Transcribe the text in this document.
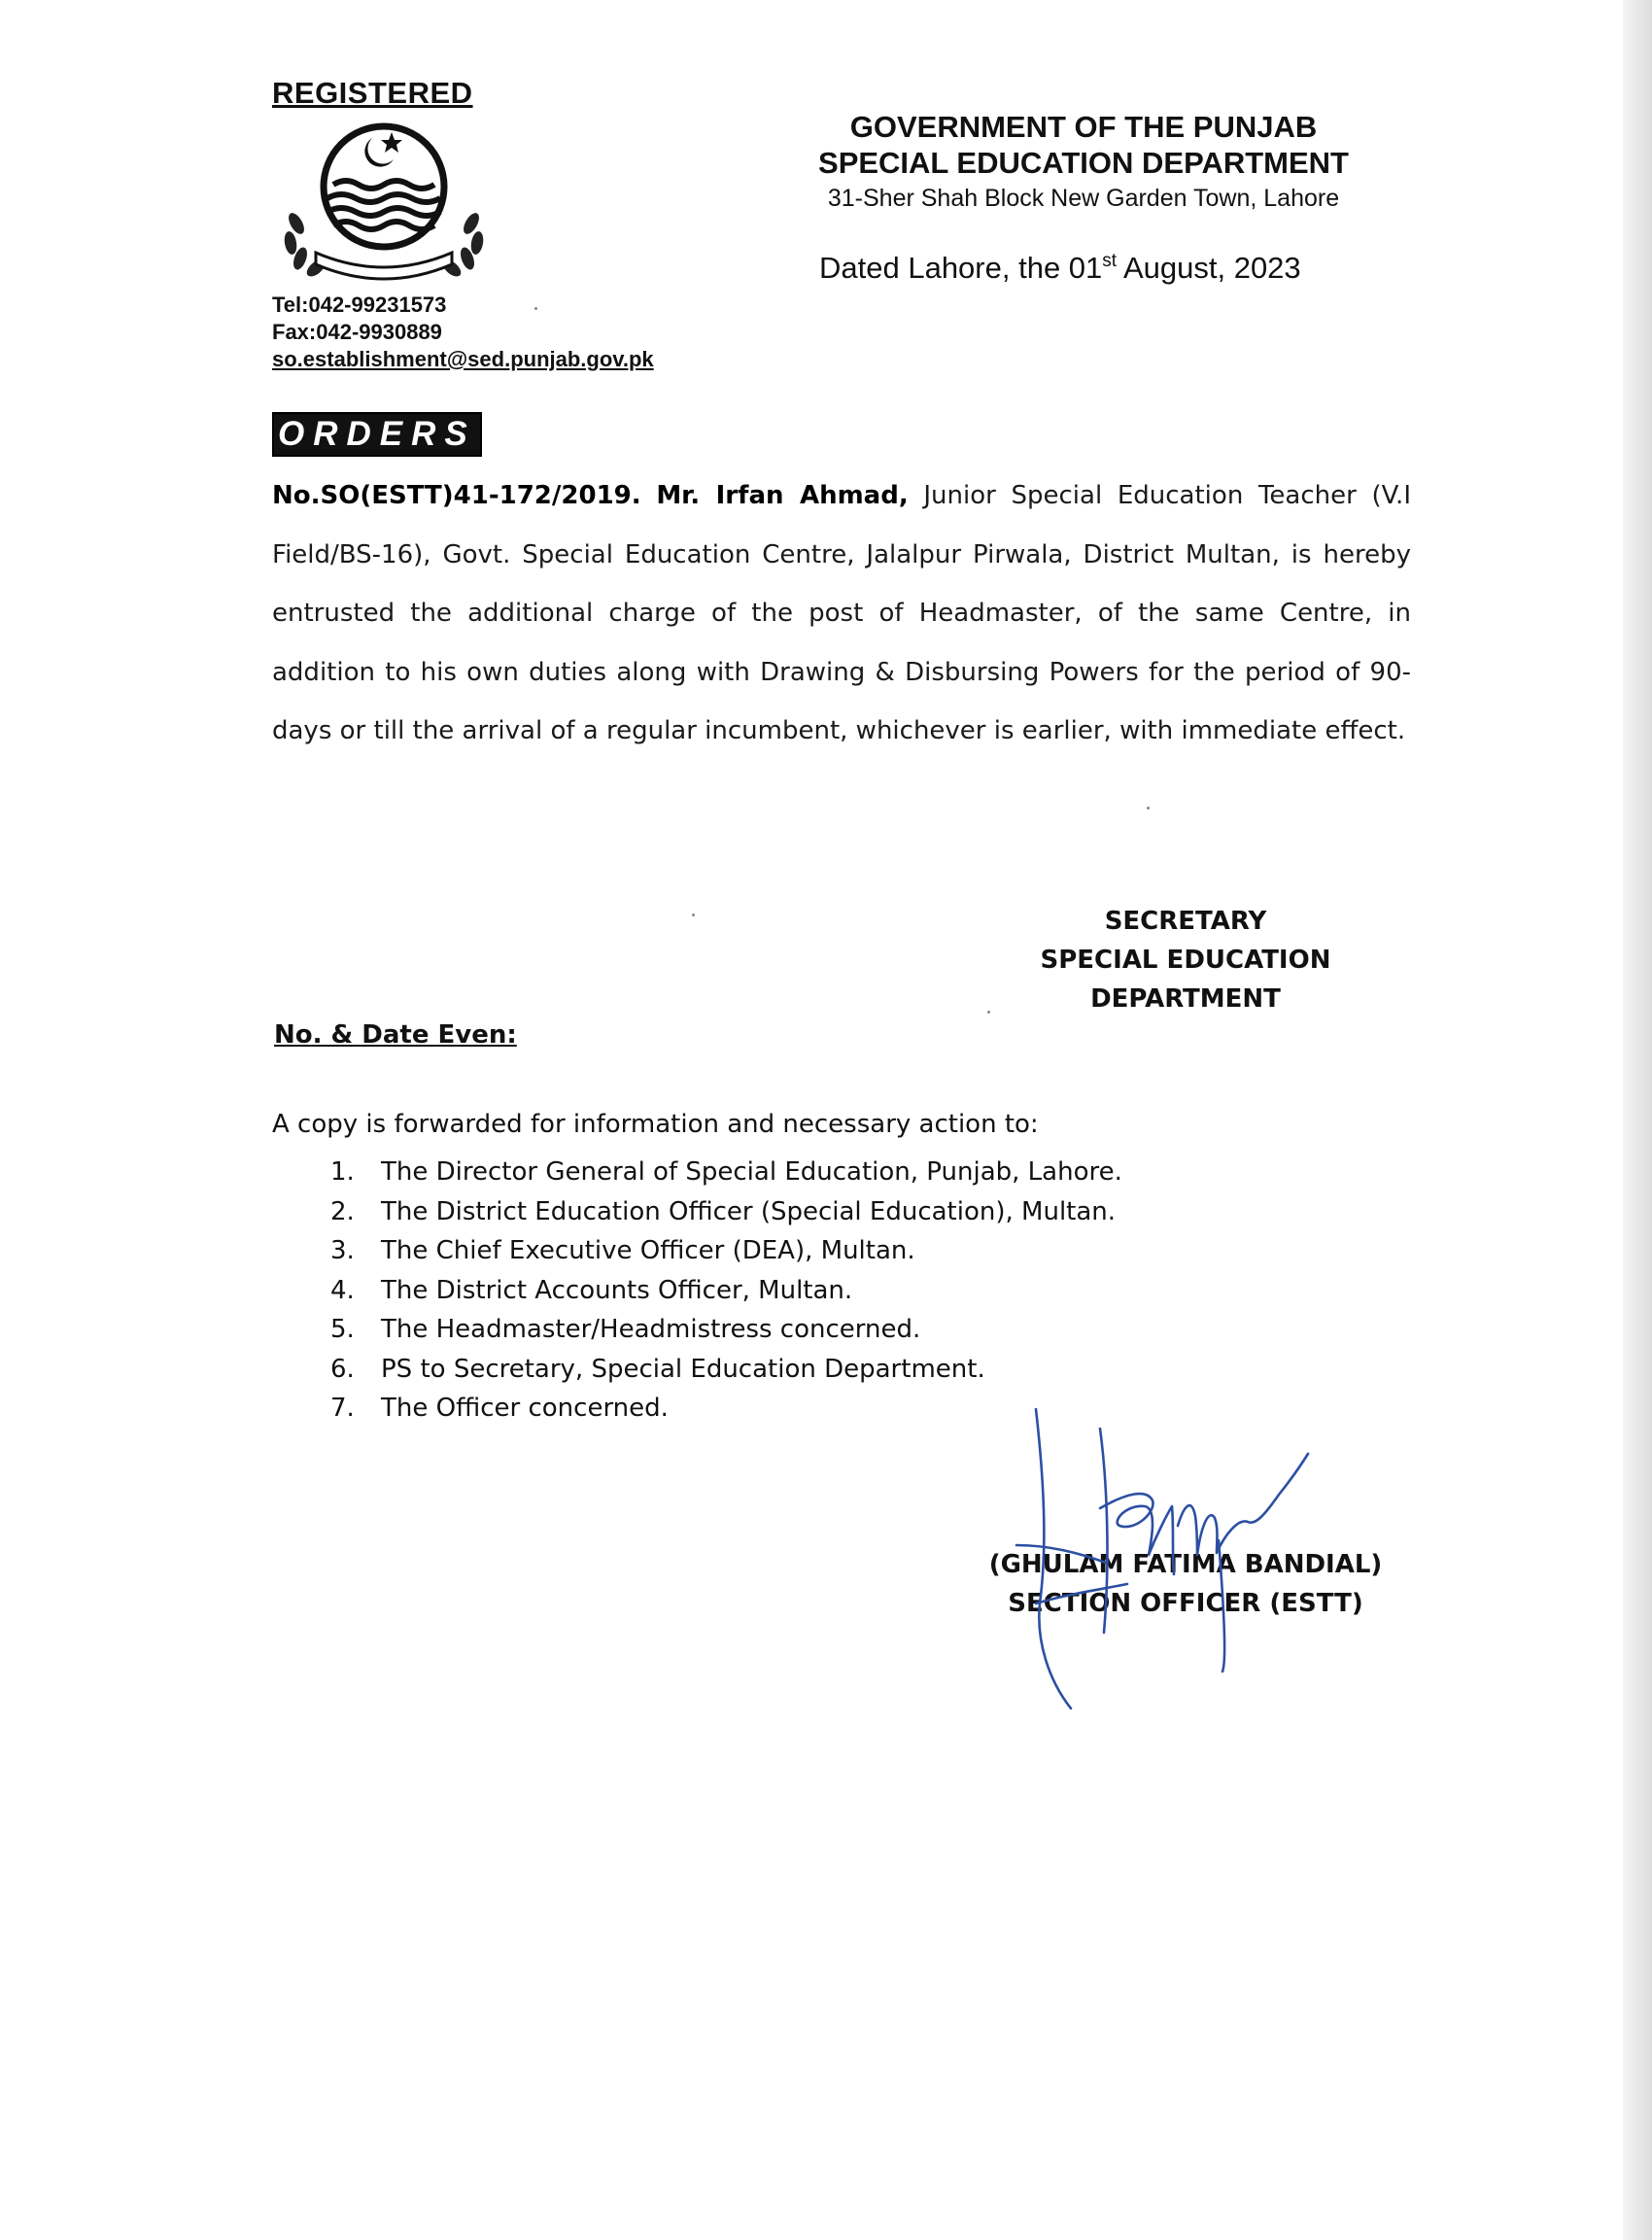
REGISTERED
Tel:042-99231573
Fax:042-9930889
so.establishment@sed.punjab.gov.pk
GOVERNMENT OF THE PUNJAB
SPECIAL EDUCATION DEPARTMENT
31-Sher Shah Block New Garden Town, Lahore
Dated Lahore, the 01st August, 2023
ORDERS
No.SO(ESTT)41-172/2019. Mr. Irfan Ahmad, Junior Special Education Teacher (V.I Field/BS-16), Govt. Special Education Centre, Jalalpur Pirwala, District Multan, is hereby entrusted the additional charge of the post of Headmaster, of the same Centre, in addition to his own duties along with Drawing & Disbursing Powers for the period of 90-days or till the arrival of a regular incumbent, whichever is earlier, with immediate effect.
SECRETARY
SPECIAL EDUCATION
DEPARTMENT
No. & Date Even:
A copy is forwarded for information and necessary action to:
1.	The Director General of Special Education, Punjab, Lahore.
2.	The District Education Officer (Special Education), Multan.
3.	The Chief Executive Officer (DEA), Multan.
4.	The District Accounts Officer, Multan.
5.	The Headmaster/Headmistress concerned.
6.	PS to Secretary, Special Education Department.
7.	The Officer concerned.
(GHULAM FATIMA BANDIAL)
SECTION OFFICER (ESTT)
